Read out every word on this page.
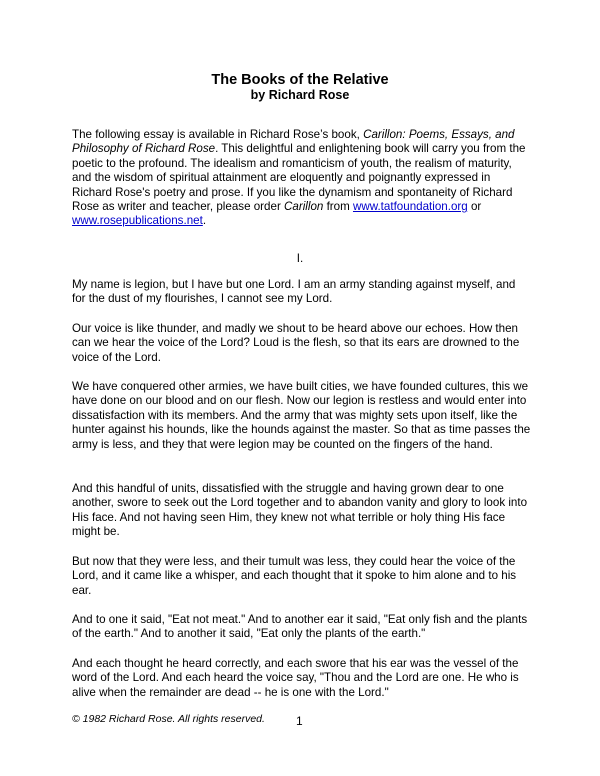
The Books of the Relative
by Richard Rose
The following essay is available in Richard Rose’s book, Carillon: Poems, Essays, and Philosophy of Richard Rose. This delightful and enlightening book will carry you from the poetic to the profound. The idealism and romanticism of youth, the realism of maturity, and the wisdom of spiritual attainment are eloquently and poignantly expressed in Richard Rose's poetry and prose. If you like the dynamism and spontaneity of Richard Rose as writer and teacher, please order Carillon from www.tatfoundation.org or www.rosepublications.net.
I.
My name is legion, but I have but one Lord. I am an army standing against myself, and for the dust of my flourishes, I cannot see my Lord.
Our voice is like thunder, and madly we shout to be heard above our echoes. How then can we hear the voice of the Lord? Loud is the flesh, so that its ears are drowned to the voice of the Lord.
We have conquered other armies, we have built cities, we have founded cultures, this we have done on our blood and on our flesh. Now our legion is restless and would enter into dissatisfaction with its members. And the army that was mighty sets upon itself, like the hunter against his hounds, like the hounds against the master. So that as time passes the army is less, and they that were legion may be counted on the fingers of the hand.
And this handful of units, dissatisfied with the struggle and having grown dear to one another, swore to seek out the Lord together and to abandon vanity and glory to look into His face. And not having seen Him, they knew not what terrible or holy thing His face might be.
But now that they were less, and their tumult was less, they could hear the voice of the Lord, and it came like a whisper, and each thought that it spoke to him alone and to his ear.
And to one it said, "Eat not meat." And to another ear it said, "Eat only fish and the plants of the earth." And to another it said, "Eat only the plants of the earth."
And each thought he heard correctly, and each swore that his ear was the vessel of the word of the Lord. And each heard the voice say, "Thou and the Lord are one. He who is alive when the remainder are dead -- he is one with the Lord."
© 1982 Richard Rose. All rights reserved.	1
